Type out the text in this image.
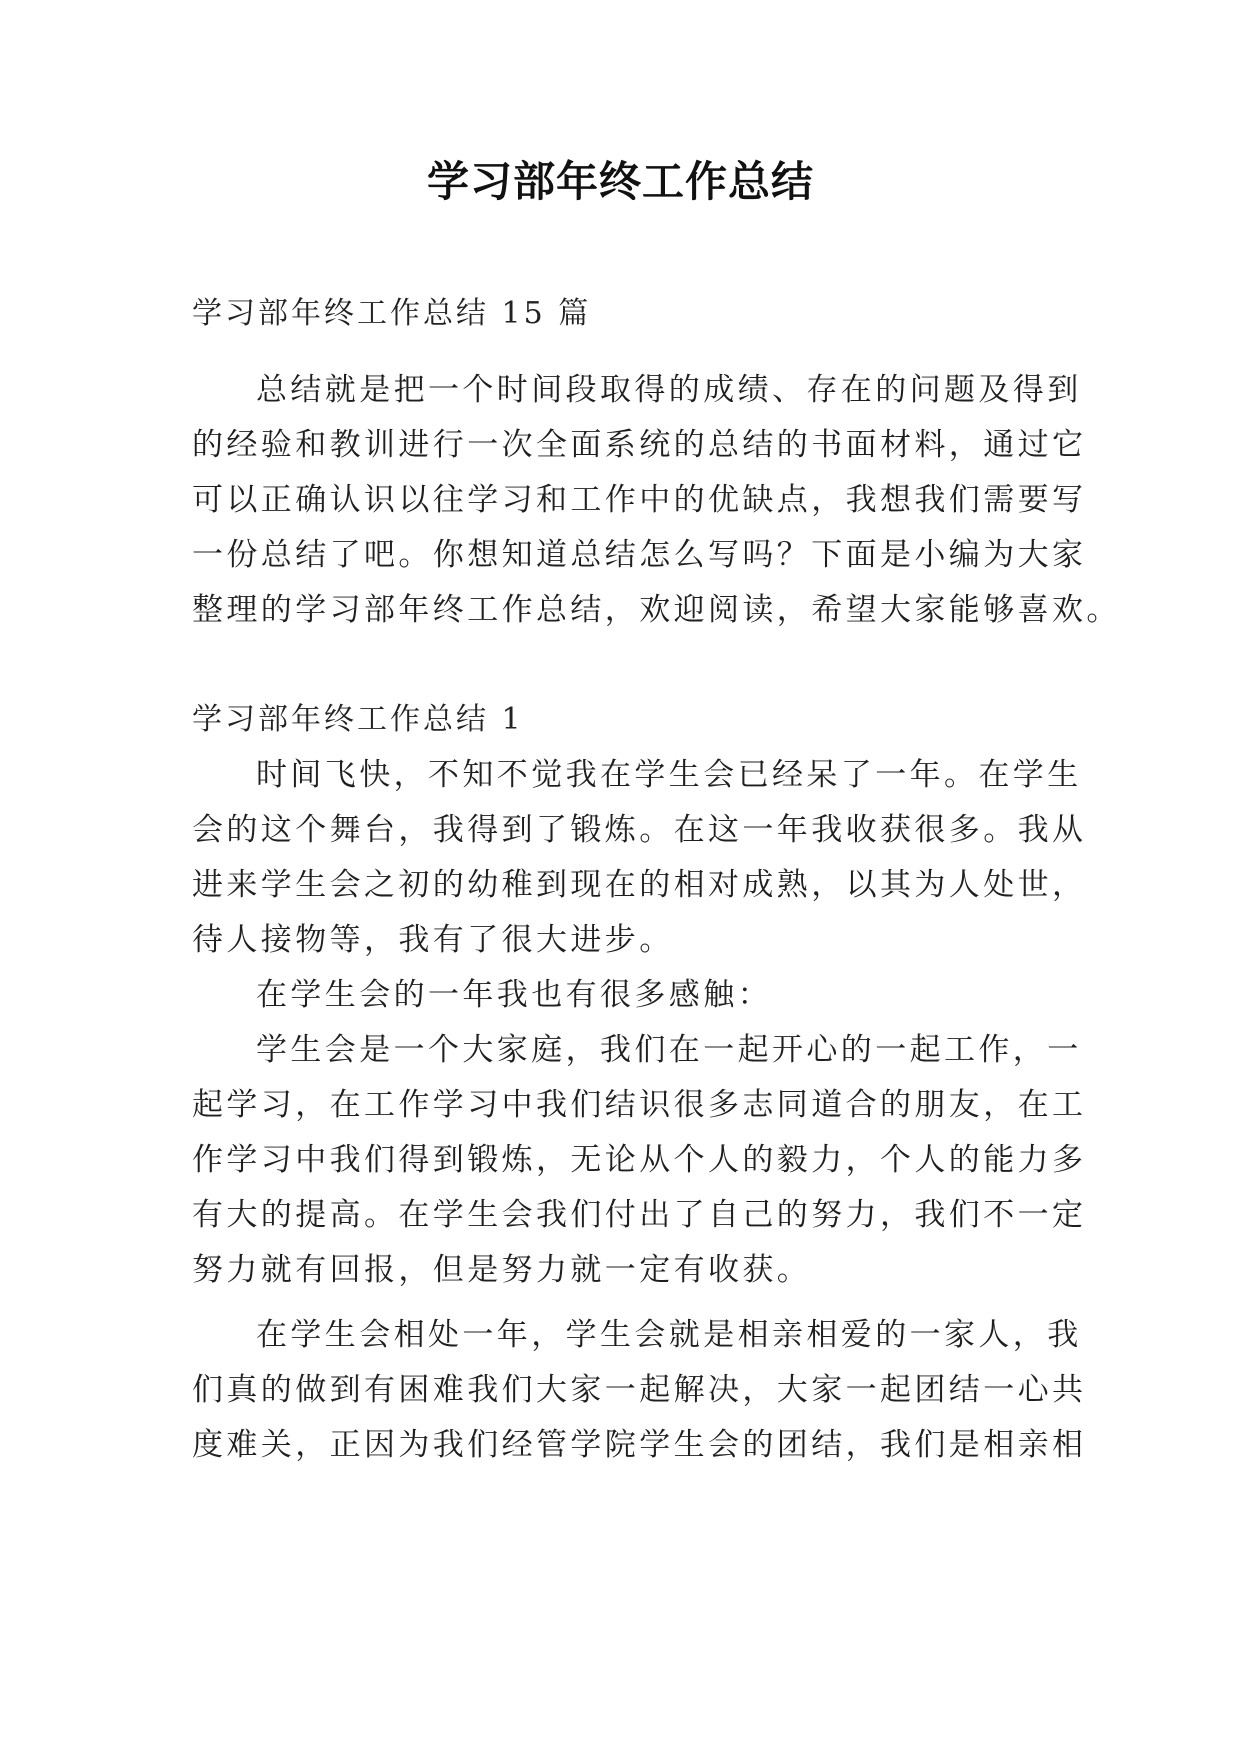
学习部年终工作总结
学习部年终工作总结 15 篇
总结就是把一个时间段取得的成绩、存在的问题及得到
的经验和教训进行一次全面系统的总结的书面材料，通过它
可以正确认识以往学习和工作中的优缺点，我想我们需要写
一份总结了吧。你想知道总结怎么写吗？下面是小编为大家
整理的学习部年终工作总结，欢迎阅读，希望大家能够喜欢。
学习部年终工作总结 1
时间飞快，不知不觉我在学生会已经呆了一年。在学生
会的这个舞台，我得到了锻炼。在这一年我收获很多。我从
进来学生会之初的幼稚到现在的相对成熟，以其为人处世，
待人接物等，我有了很大进步。
在学生会的一年我也有很多感触：
学生会是一个大家庭，我们在一起开心的一起工作，一
起学习，在工作学习中我们结识很多志同道合的朋友，在工
作学习中我们得到锻炼，无论从个人的毅力，个人的能力多
有大的提高。在学生会我们付出了自己的努力，我们不一定
努力就有回报，但是努力就一定有收获。
在学生会相处一年，学生会就是相亲相爱的一家人，我
们真的做到有困难我们大家一起解决，大家一起团结一心共
度难关，正因为我们经管学院学生会的团结，我们是相亲相
